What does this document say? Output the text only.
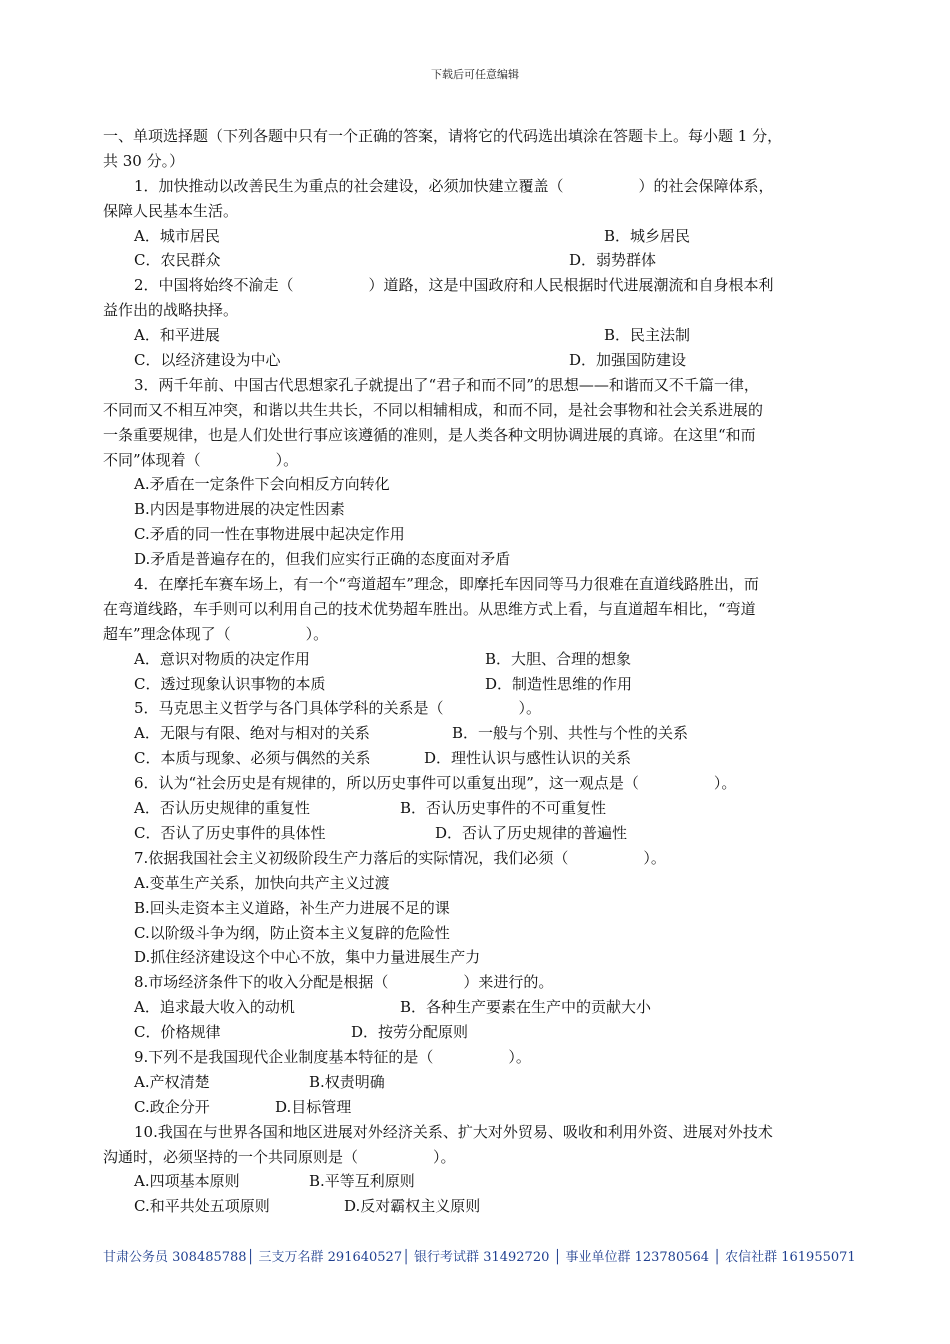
下载后可任意编辑
一、单项选择题（下列各题中只有一个正确的答案，请将它的代码选出填涂在答题卡上。每小题 1 分，
共 30 分。）
1．加快推动以改善民生为重点的社会建设，必须加快建立覆盖（　　　　　）的社会保障体系，
保障人民基本生活。
A．城市居民	B．城乡居民
C．农民群众	D．弱势群体
2．中国将始终不渝走（　　　　　）道路，这是中国政府和人民根据时代进展潮流和自身根本利
益作出的战略抉择。
A．和平进展	B．民主法制
C．以经济建设为中心	D．加强国防建设
3．两千年前、中国古代思想家孔子就提出了“君子和而不同”的思想——和谐而又不千篇一律，
不同而又不相互冲突，和谐以共生共长，不同以相辅相成，和而不同，是社会事物和社会关系进展的
一条重要规律，也是人们处世行事应该遵循的准则，是人类各种文明协调进展的真谛。在这里“和而
不同”体现着（　　　　　）。
A.矛盾在一定条件下会向相反方向转化
B.内因是事物进展的决定性因素
C.矛盾的同一性在事物进展中起决定作用
D.矛盾是普遍存在的，但我们应实行正确的态度面对矛盾
4．在摩托车赛车场上，有一个“弯道超车”理念，即摩托车因同等马力很难在直道线路胜出，而
在弯道线路，车手则可以利用自己的技术优势超车胜出。从思维方式上看，与直道超车相比，“弯道
超车”理念体现了（　　　　　）。
A．意识对物质的决定作用	B．大胆、合理的想象
C．透过现象认识事物的本质	D．制造性思维的作用
5．马克思主义哲学与各门具体学科的关系是（　　　　　）。
A．无限与有限、绝对与相对的关系	B．一般与个别、共性与个性的关系
C．本质与现象、必须与偶然的关系	D．理性认识与感性认识的关系
6．认为“社会历史是有规律的，所以历史事件可以重复出现”，这一观点是（　　　　　）。
A．否认历史规律的重复性	B．否认历史事件的不可重复性
C．否认了历史事件的具体性	D．否认了历史规律的普遍性
7.依据我国社会主义初级阶段生产力落后的实际情况，我们必须（　　　　　）。
A.变革生产关系，加快向共产主义过渡
B.回头走资本主义道路，补生产力进展不足的课
C.以阶级斗争为纲，防止资本主义复辟的危险性
D.抓住经济建设这个中心不放，集中力量进展生产力
8.市场经济条件下的收入分配是根据（　　　　　）来进行的。
A．追求最大收入的动机	B．各种生产要素在生产中的贡献大小
C．价格规律	D．按劳分配原则
9.下列不是我国现代企业制度基本特征的是（　　　　　）。
A.产权清楚	B.权责明确
C.政企分开	D.目标管理
10.我国在与世界各国和地区进展对外经济关系、扩大对外贸易、吸收和利用外资、进展对外技术
沟通时，必须坚持的一个共同原则是（　　　　　）。
A.四项基本原则	B.平等互利原则
C.和平共处五项原则	D.反对霸权主义原则
甘肃公务员 308485788│ 三支万名群 291640527│ 银行考试群 31492720 │ 事业单位群 123780564 │ 农信社群 161955071
